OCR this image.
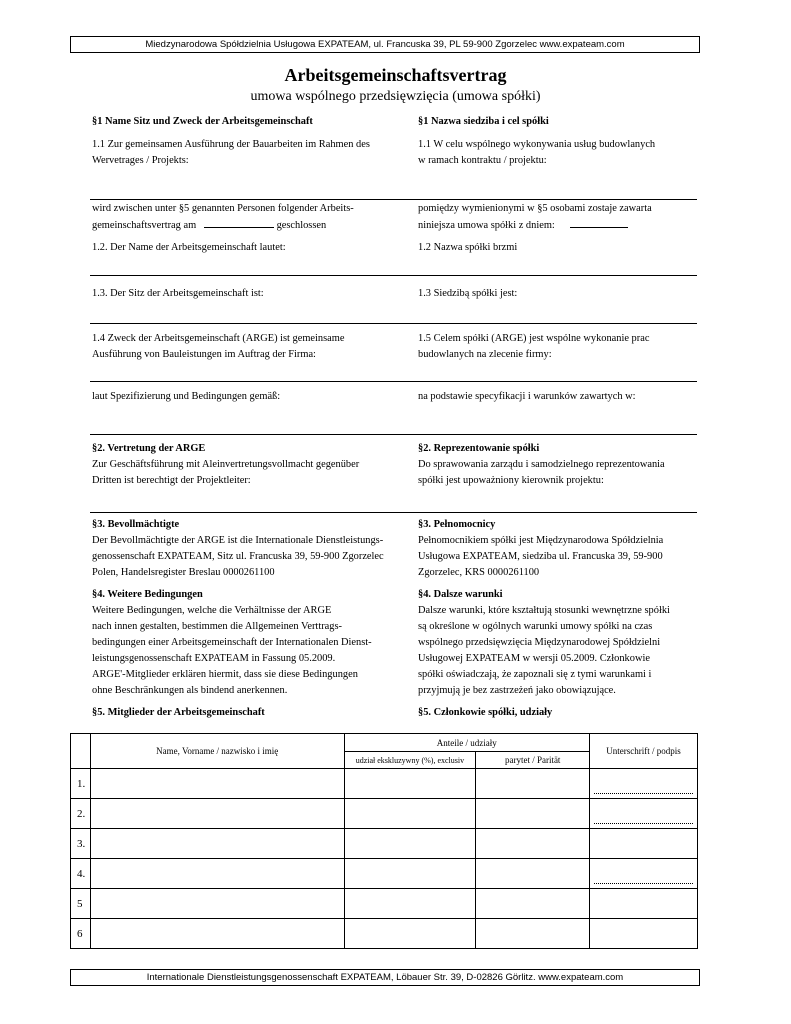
Miedzynarodowa Spółdzielnia Usługowa EXPATEAM, ul. Francuska 39, PL 59-900 Zgorzelec www.expateam.com
Arbeitsgemeinschaftsvertrag
umowa wspólnego przedsięwzięcia (umowa spółki)
§1 Name Sitz und Zweck der Arbeitsgemeinschaft	§1 Nazwa siedziba i cel spółki
1.1 Zur gemeinsamen Ausführung der Bauarbeiten im Rahmen des
Wervetrages / Projekts:
1.1 W celu wspólnego wykonywania usług budowlanych
w ramach kontraktu / projektu:
wird zwischen unter §5 genannten Personen folgender Arbeits-
gemeinschaftsvertrag am	geschlossen
pomiędzy wymienionymi w §5 osobami zostaje zawarta
niniejsza umowa spółki z dniem:
1.2. Der Name der Arbeitsgemeinschaft lautet:	1.2 Nazwa spółki brzmi
1.3. Der Sitz der Arbeitsgemeinschaft ist:	1.3 Siedzibą spółki jest:
1.4 Zweck der Arbeitsgemeinschaft (ARGE) ist gemeinsame
Ausführung von Bauleistungen im Auftrag der Firma:
1.5 Celem spółki (ARGE) jest wspólne wykonanie prac
budowlanych na zlecenie firmy:
laut Spezifizierung und Bedingungen gemäß:	na podstawie specyfikacji i warunków zawartych w:
§2. Vertretung der ARGE
Zur Geschäftsführung mit Aleinvertretungsvollmacht gegenüber
Dritten ist berechtigt der Projektleiter:
§2. Reprezentowanie spółki
Do sprawowania zarządu i samodzielnego reprezentowania
spółki jest upoważniony kierownik projektu:
§3. Bevollmächtigte
Der Bevollmächtigte der ARGE ist die Internationale Dienstleistungs-
genossenschaft EXPATEAM, Sitz ul. Francuska 39, 59-900 Zgorzelec
Polen, Handelsregister Breslau 0000261100
§3. Pełnomocnicy
Pełnomocnikiem spółki jest Międzynarodowa Spółdzielnia
Usługowa EXPATEAM, siedziba ul. Francuska 39, 59-900
Zgorzelec, KRS 0000261100
§4. Weitere Bedingungen
Weitere Bedingungen, welche die Verhältnisse der ARGE
nach innen gestalten, bestimmen die Allgemeinen Verttrags-
bedingungen einer Arbeitsgemeinschaft der Internationalen Dienst-
leistungsgenossenschaft EXPATEAM in Fassung 05.2009.
ARGE'-Mitglieder erklären hiermit, dass sie diese Bedingungen
ohne Beschränkungen als bindend anerkennen.
§4. Dalsze warunki
Dalsze warunki, które kształtują stosunki wewnętrzne spółki
są określone w ogólnych warunki umowy spółki na czas
wspólnego przedsięwzięcia Międzynarodowej Spółdzielni
Usługowej EXPATEAM w wersji 05.2009. Członkowie
spółki oświadczają, że zapoznali się z tymi warunkami i
przyjmują je bez zastrzeżeń jako obowiązujące.
§5. Mitglieder der Arbeitsgemeinschaft	§5. Członkowie spółki, udziały
	Name, Vorname / nazwisko i imię	Anteile / udziały		Unterschrift / podpis
		udział ekskluzywny (%), exclusiv	parytet / Parität	
1.				

2.				

3.				
4.				

5				
6				
Internationale Dienstleistungsgenossenschaft EXPATEAM, Löbauer Str. 39, D-02826 Görlitz. www.expateam.com
